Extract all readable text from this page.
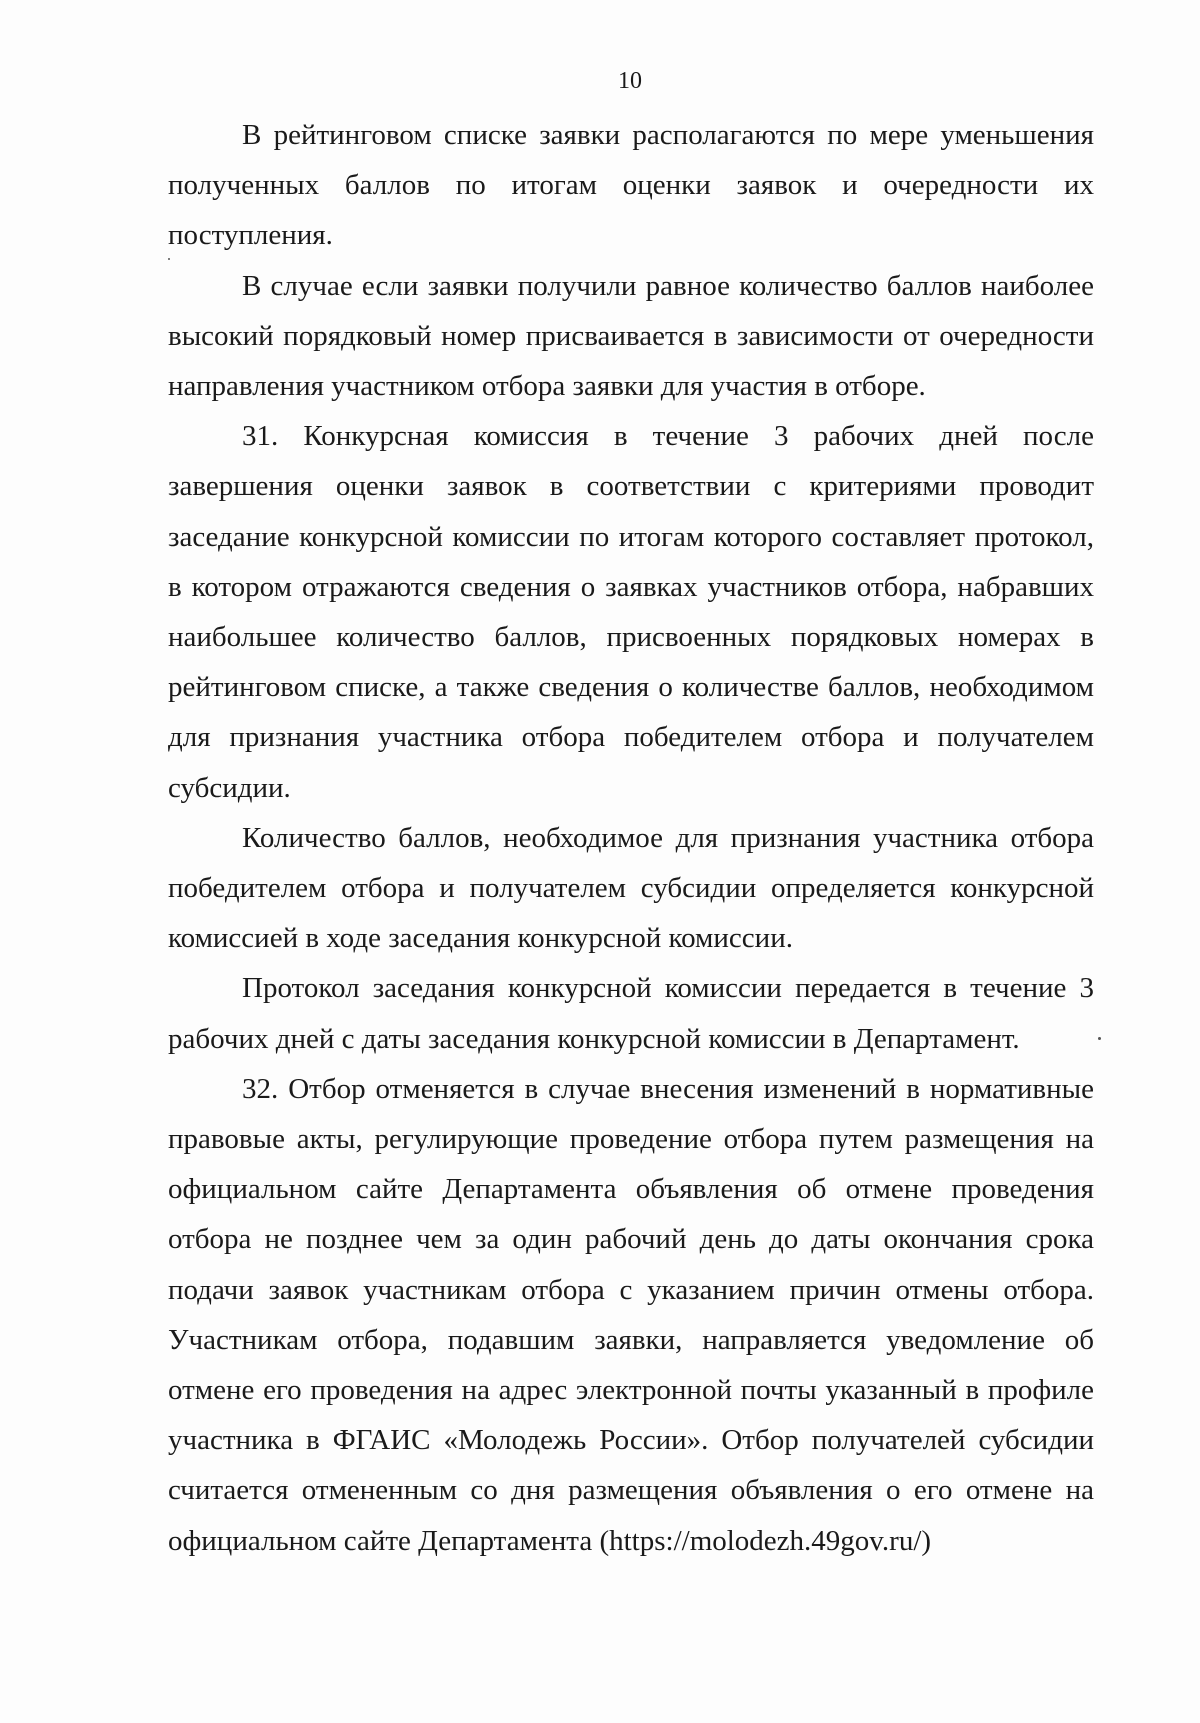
10

В рейтинговом списке заявки располагаются по мере уменьшения полученных баллов по итогам оценки заявок и очередности их поступления.

В случае если заявки получили равное количество баллов наиболее высокий порядковый номер присваивается в зависимости от очередности направления участником отбора заявки для участия в отборе.

31. Конкурсная комиссия в течение 3 рабочих дней после завершения оценки заявок в соответствии с критериями проводит заседание конкурсной комиссии по итогам которого составляет протокол, в котором отражаются сведения о заявках участников отбора, набравших наибольшее количество баллов, присвоенных порядковых номерах в рейтинговом списке, а также сведения о количестве баллов, необходимом для признания участника отбора победителем отбора и получателем субсидии.

Количество баллов, необходимое для признания участника отбора победителем отбора и получателем субсидии определяется конкурсной комиссией в ходе заседания конкурсной комиссии.

Протокол заседания конкурсной комиссии передается в течение 3 рабочих дней с даты заседания конкурсной комиссии в Департамент.

32. Отбор отменяется в случае внесения изменений в нормативные правовые акты, регулирующие проведение отбора путем размещения на официальном сайте Департамента объявления об отмене проведения отбора не позднее чем за один рабочий день до даты окончания срока подачи заявок участникам отбора с указанием причин отмены отбора. Участникам отбора, подавшим заявки, направляется уведомление об отмене его проведения на адрес электронной почты указанный в профиле участника в ФГАИС «Молодежь России». Отбор получателей субсидии считается отмененным со дня размещения объявления о его отмене на официальном сайте Департамента (https://molodezh.49gov.ru/)
